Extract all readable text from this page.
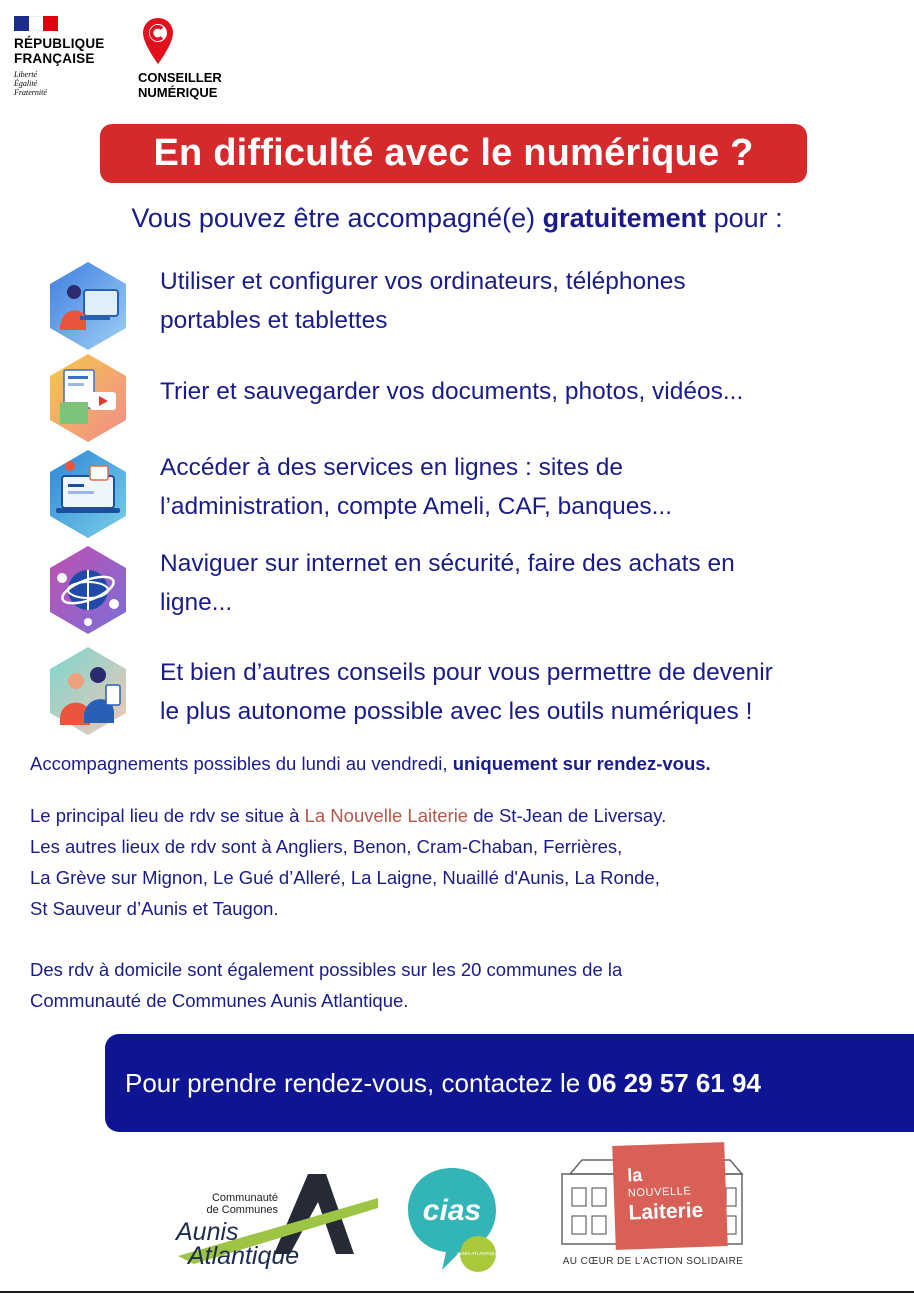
RÉPUBLIQUE
FRANÇAISE
Liberté
Égalité
Fraternité
CONSEILLER
NUMÉRIQUE
En difficulté avec le numérique ?
Vous pouvez être accompagné(e) gratuitement pour :
Utiliser et configurer vos ordinateurs, téléphones
portables et tablettes
Trier et sauvegarder vos documents, photos, vidéos...
Accéder à des services en lignes : sites de
l’administration, compte Ameli, CAF, banques...
Naviguer sur internet en sécurité, faire des achats en
ligne...
Et bien d’autres conseils pour vous permettre de devenir
le plus autonome possible avec les outils numériques !
Accompagnements possibles du lundi au vendredi, uniquement sur rendez-vous.
Le principal lieu de rdv se situe à La Nouvelle Laiterie de St-Jean de Liversay.
Les autres lieux de rdv sont à Angliers, Benon, Cram-Chaban, Ferrières,
La Grève sur Mignon, Le Gué d’Alleré, La Laigne, Nuaillé d'Aunis, La Ronde,
St Sauveur d’Aunis et Taugon.
Des rdv à domicile sont également possibles sur les 20 communes de la
Communauté de Communes Aunis Atlantique.

Pour prendre rendez-vous, contactez le 06 29 57 61 94

Communauté
de Communes
Aunis
Atlantique
cias
AUNIS ATLANTIQUE
la
NOUVELLE
Laiterie
AU CŒUR DE L’ACTION SOLIDAIRE
